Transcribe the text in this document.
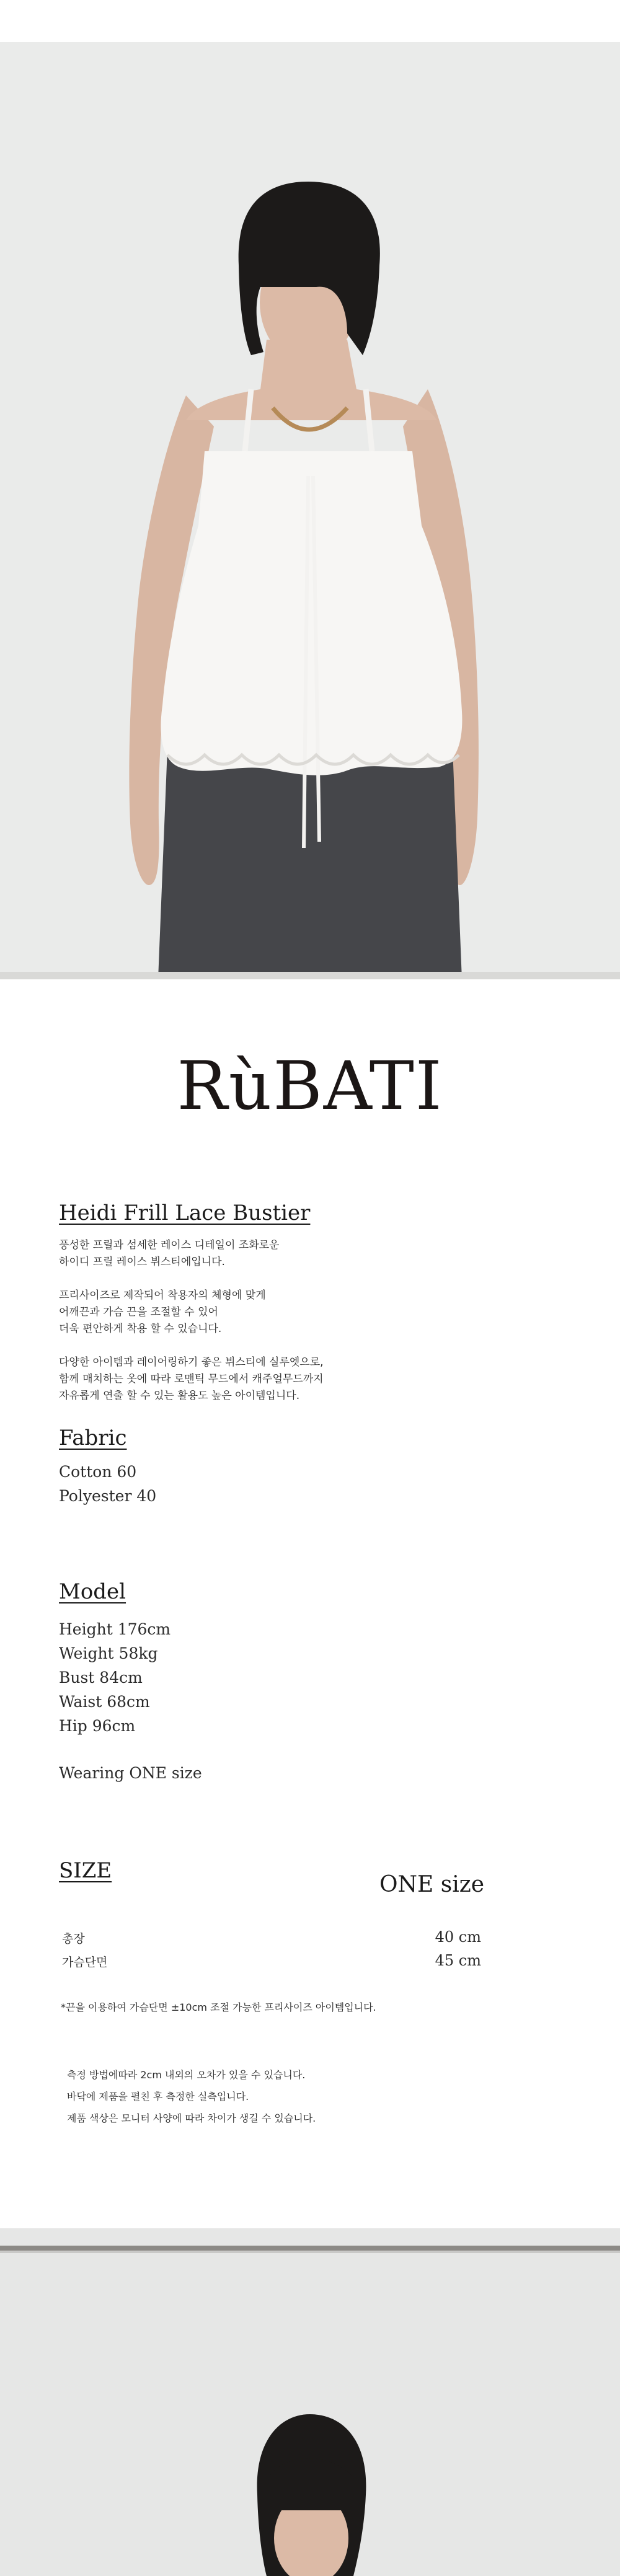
RùBATI
Heidi Frill Lace Bustier

풍성한 프릴과 섬세한 레이스 디테일이 조화로운
하이디 프릴 레이스 뷔스티에입니다.

프리사이즈로 제작되어 착용자의 체형에 맞게
어깨끈과 가슴 끈을 조절할 수 있어
더욱 편안하게 착용 할 수 있습니다.

다양한 아이템과 레이어링하기 좋은 뷔스티에 실루엣으로,
함께 매치하는 옷에 따라 로맨틱 무드에서 캐주얼무드까지
자유롭게 연출 할 수 있는 활용도 높은 아이템입니다.

Fabric
Cotton 60
Polyester 40
Model
Height 176cm
Weight 58kg
Bust 84cm
Waist 68cm
Hip 96cm
Wearing ONE size
SIZE
ONE size
총장	40 cm
가슴단면	45 cm
*끈을 이용하여 가슴단면 ±10cm 조절 가능한 프리사이즈 아이템입니다.
측정 방법에따라 2cm 내외의 오차가 있을 수 있습니다.
바닥에 제품을 펼친 후 측정한 실측입니다.
제품 색상은 모니터 사양에 따라 차이가 생길 수 있습니다.
